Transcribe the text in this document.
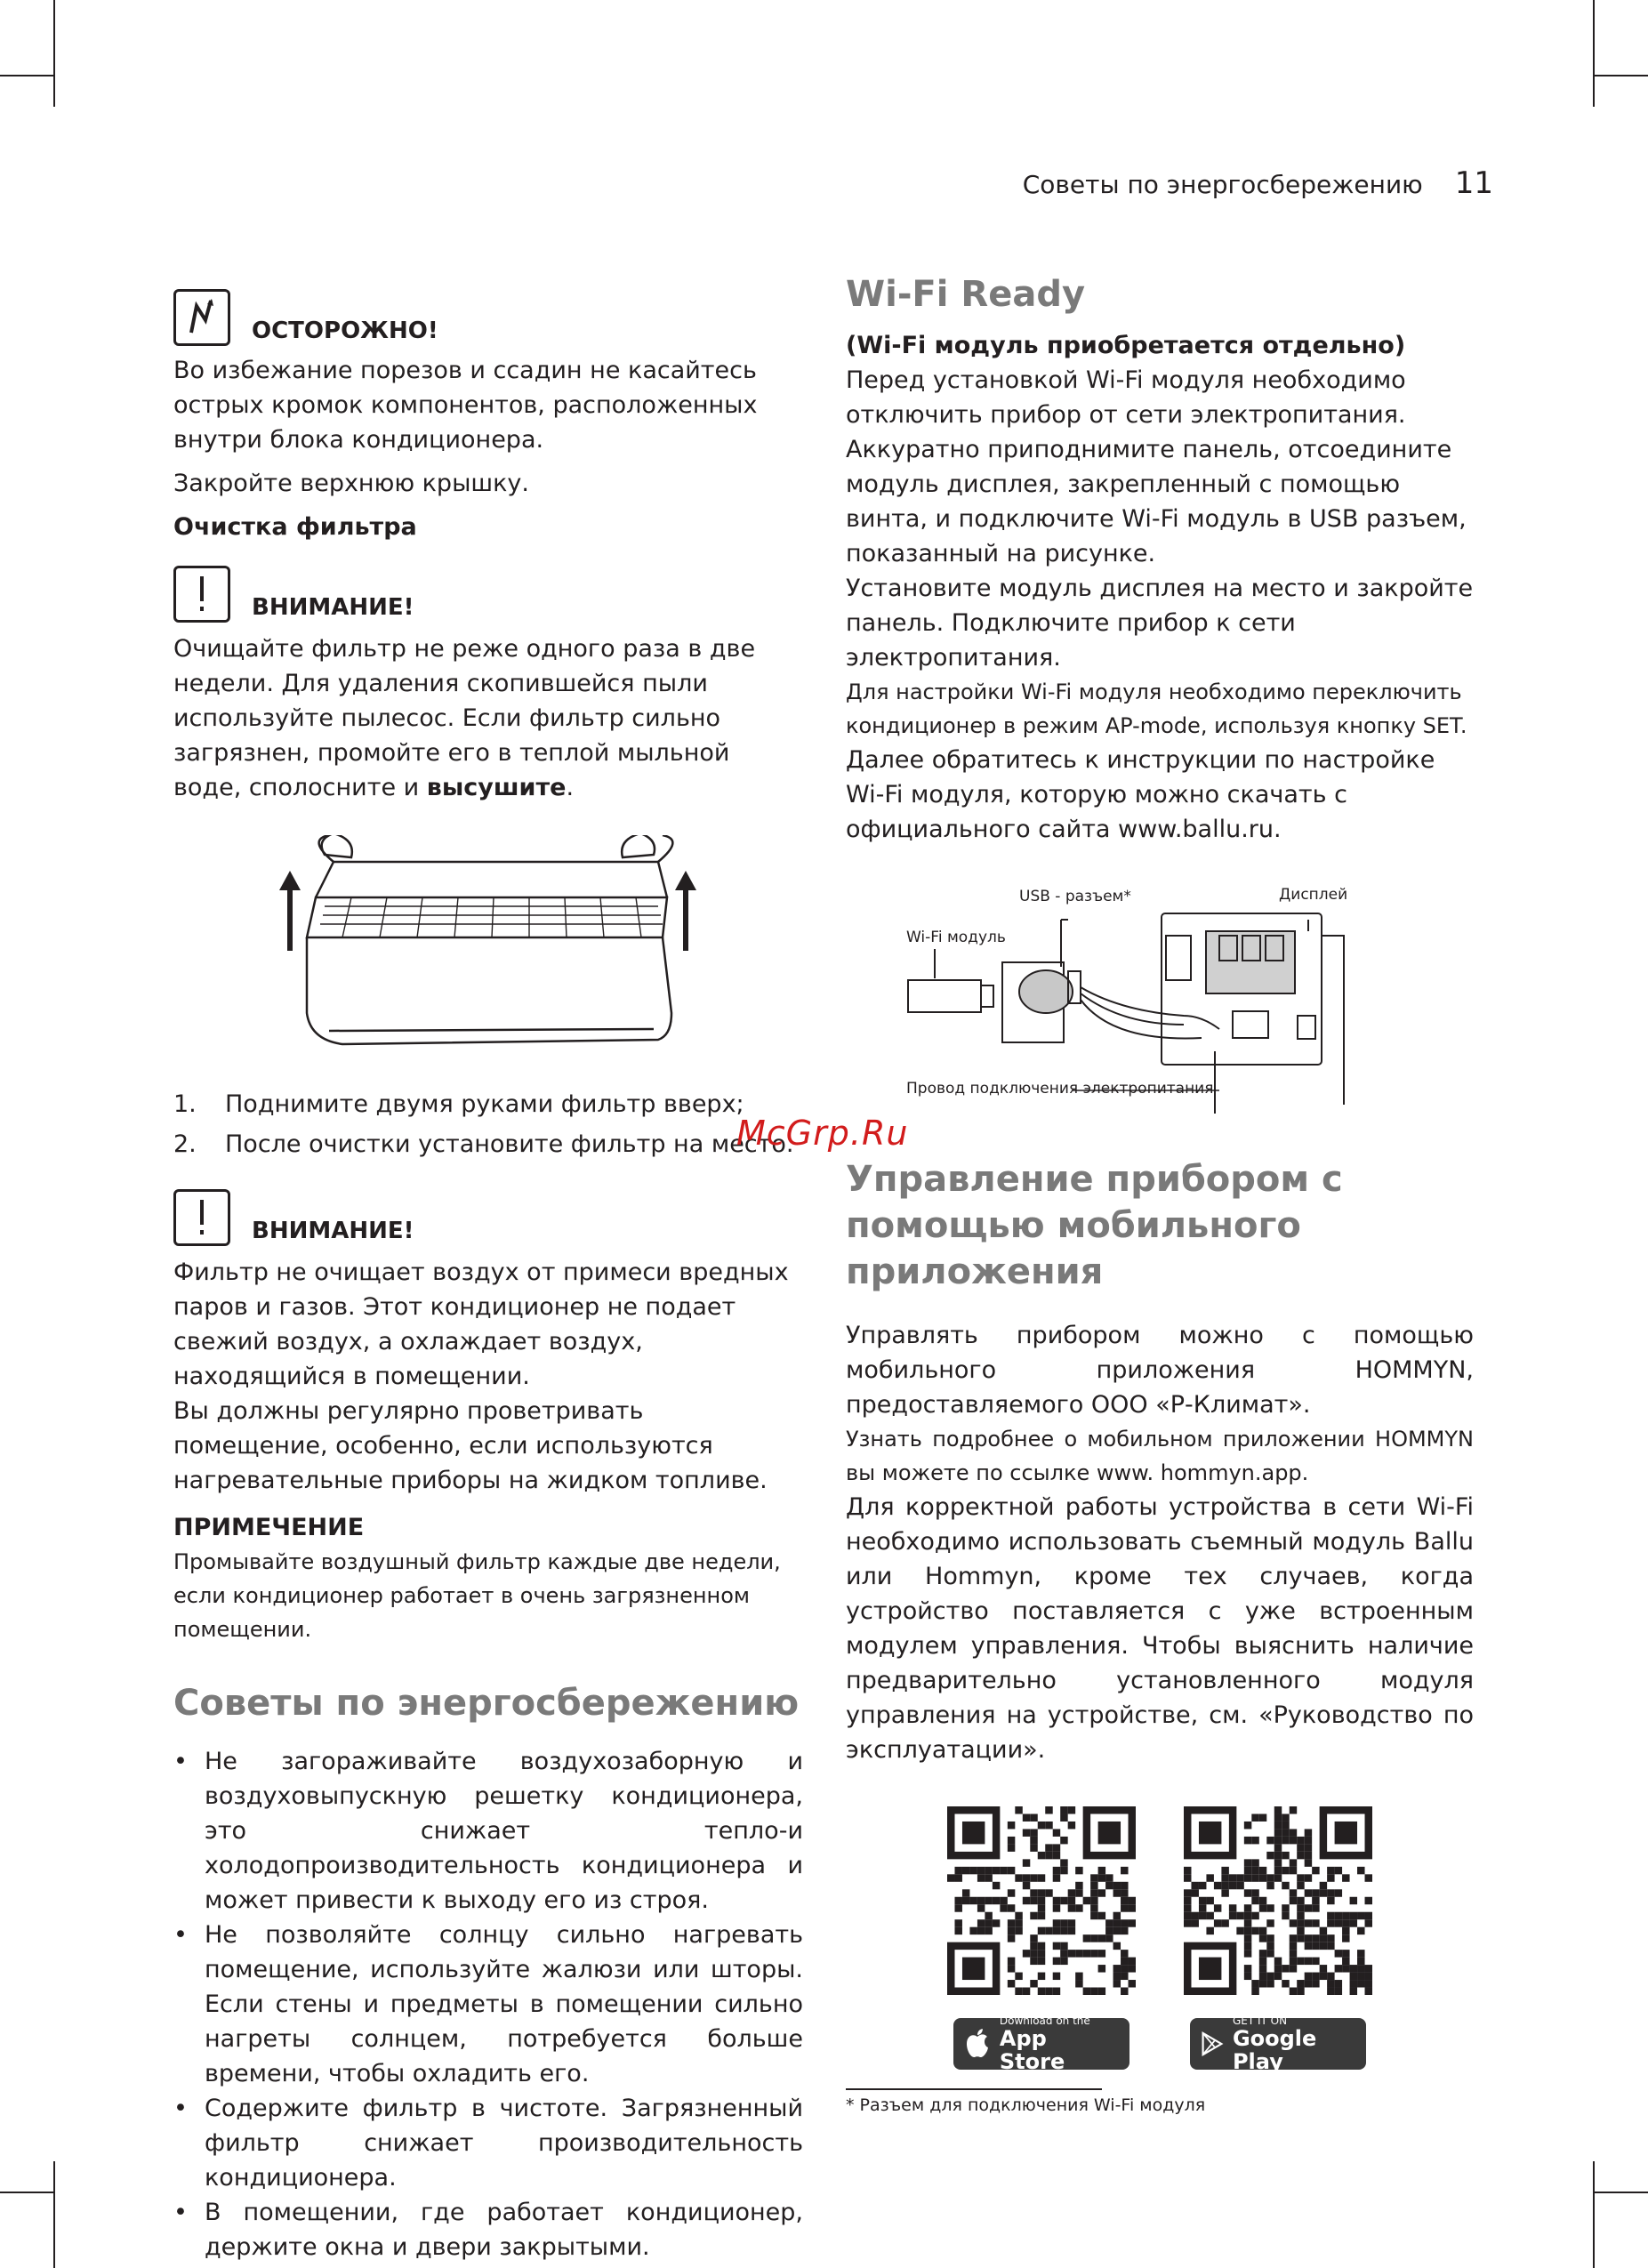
Советы по энергосбережению 11
ОСТОРОЖНО!

Во избежание порезов и ссадин не касайтесь острых кромок компонентов, расположенных внутри блока кондиционера.

Закройте верхнюю крышку.

Очистка фильтра

ВНИМАНИЕ!

Очищайте фильтр не реже одного раза в две недели. Для удаления скопившейся пыли используйте пылесос. Если фильтр сильно загрязнен, промойте его в теплой мыльной воде, сполосните и высушите.

1.	Поднимите двумя руками фильтр вверх;
2.	После очистки установите фильтр на место.
ВНИМАНИЕ!

Фильтр не очищает воздух от примеси вредных паров и газов. Этот кондиционер не подает свежий воздух, а охлаждает воздух, находящийся в помещении.

Вы должны регулярно проветривать помещение, особенно, если используются нагревательные приборы на жидком топливе.

ПРИМЕЧЕНИЕ

Промывайте воздушный фильтр каждые две недели, если кондиционер работает в очень загрязненном помещении.

Советы по энергосбережению
• Не загораживайте воздухозаборную и воздуховыпускную решетку кондиционера, это снижает тепло-и холодопроизводительность кондиционера и может привести к выходу его из строя.
• Не позволяйте солнцу сильно нагревать помещение, используйте жалюзи или шторы. Если стены и предметы в помещении сильно нагреты солнцем, потребуется больше времени, чтобы охладить его.
• Содержите фильтр в чистоте. Загрязненный фильтр снижает производительность кондиционера.
• В помещении, где работает кондиционер, держите окна и двери закрытыми.
Wi-Fi Ready

(Wi-Fi модуль приобретается отдельно)

Перед установкой Wi-Fi модуля необходимо отключить прибор от сети электропитания.

Аккуратно приподнимите панель, отсоедините модуль дисплея, закрепленный с помощью винта, и подключите Wi-Fi модуль в USB разъем, показанный на рисунке.

Установите модуль дисплея на место и закройте панель. Подключите прибор к сети электропитания.

Для настройки Wi-Fi модуля необходимо переключить кондиционер в режим AP-mode, используя кнопку SET.

Далее обратитесь к инструкции по настройке Wi-Fi модуля, которую можно скачать с официального сайта www.ballu.ru.

USB - разъем*	Дисплей
Wi-Fi модуль
Провод подключения электропитания
Управление прибором с помощью мобильного приложения

Управлять прибором можно с помощью мобильного приложения HOMMYN, предоставляемого ООО «Р-Климат».

Узнать подробнее о мобильном приложении HOMMYN вы можете по ссылке www. hommyn.app.

Для корректной работы устройства в сети Wi-Fi необходимо использовать съемный модуль Ballu или Hommyn, кроме тех случаев, когда устройство поставляется с уже встроенным модулем управления. Чтобы выяснить наличие предварительно установленного модуля управления на устройстве, см. «Руководство по эксплуатации».

Download on the
App Store
GET IT ON
Google Play
* Разъем для подключения Wi-Fi модуля
McGrp.Ru
